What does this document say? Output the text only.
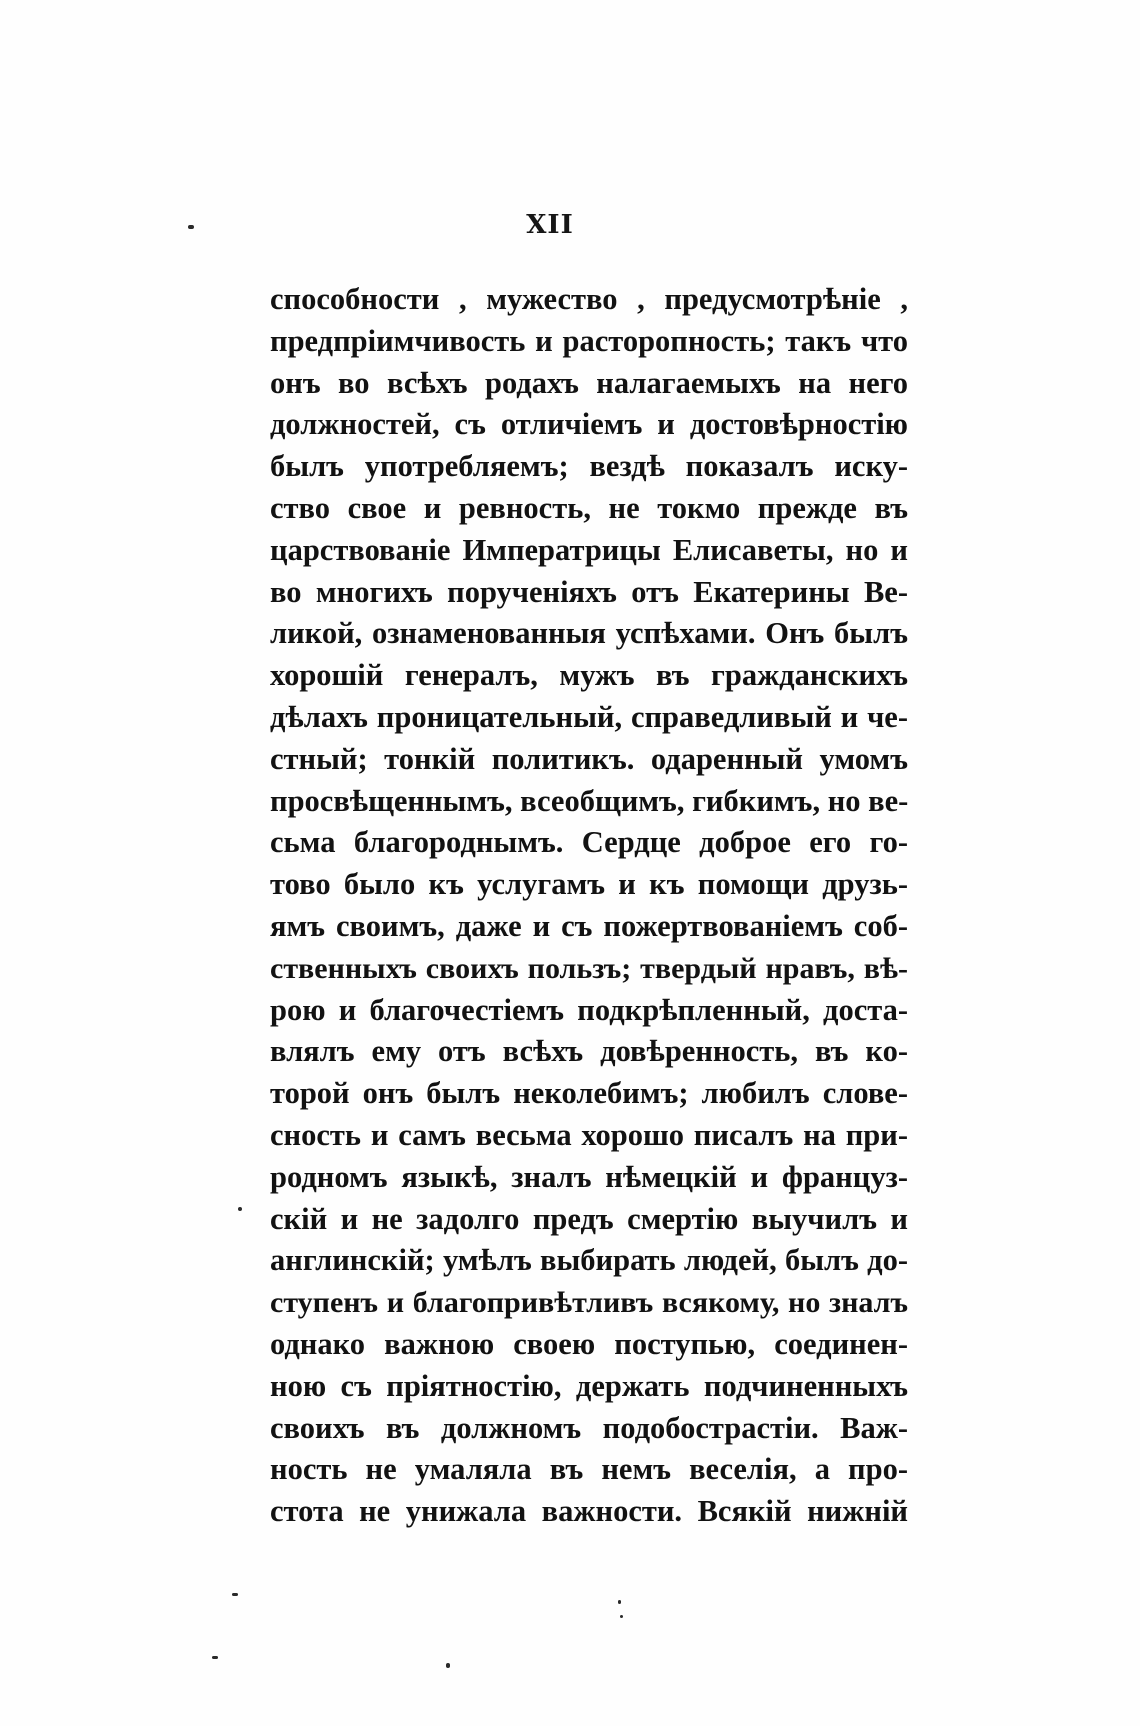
XII
способности , мужество , предусмотрѣніе ,
предпріимчивость и расторопность; такъ что
онъ во всѣхъ родахъ налагаемыхъ на него
должностей, съ отличіемъ и достовѣрностію
былъ употребляемъ; вездѣ показалъ иску-
ство свое и ревность, не токмо прежде въ
царствованіе Императрицы Елисаветы, но и
во многихъ порученіяхъ отъ Екатерины Ве-
ликой, ознаменованныя успѣхами. Онъ былъ
хорошій генералъ, мужъ въ гражданскихъ
дѣлахъ проницательный, справедливый и че-
стный; тонкій политикъ. одаренный умомъ
просвѣщеннымъ, всеобщимъ, гибкимъ, но ве-
сьма благороднымъ. Сердце доброе его го-
тово было къ услугамъ и къ помощи друзь-
ямъ своимъ, даже и съ пожертвованіемъ соб-
ственныхъ своихъ пользъ; твердый нравъ, вѣ-
рою и благочестіемъ подкрѣпленный, доста-
влялъ ему отъ всѣхъ довѣренность, въ ко-
торой онъ былъ неколебимъ; любилъ слове-
сность и самъ весьма хорошо писалъ на при-
родномъ языкѣ, зналъ нѣмецкій и француз-
скій и не задолго предъ смертію выучилъ и
англинскій; умѣлъ выбирать людей, былъ до-
ступенъ и благопривѣтливъ всякому, но зналъ
однако важною своею поступью, соединен-
ною съ пріятностію, держать подчиненныхъ
своихъ въ должномъ подобострастіи. Важ-
ность не умаляла въ немъ веселія, а про-
стота не унижала важности. Всякій нижній
